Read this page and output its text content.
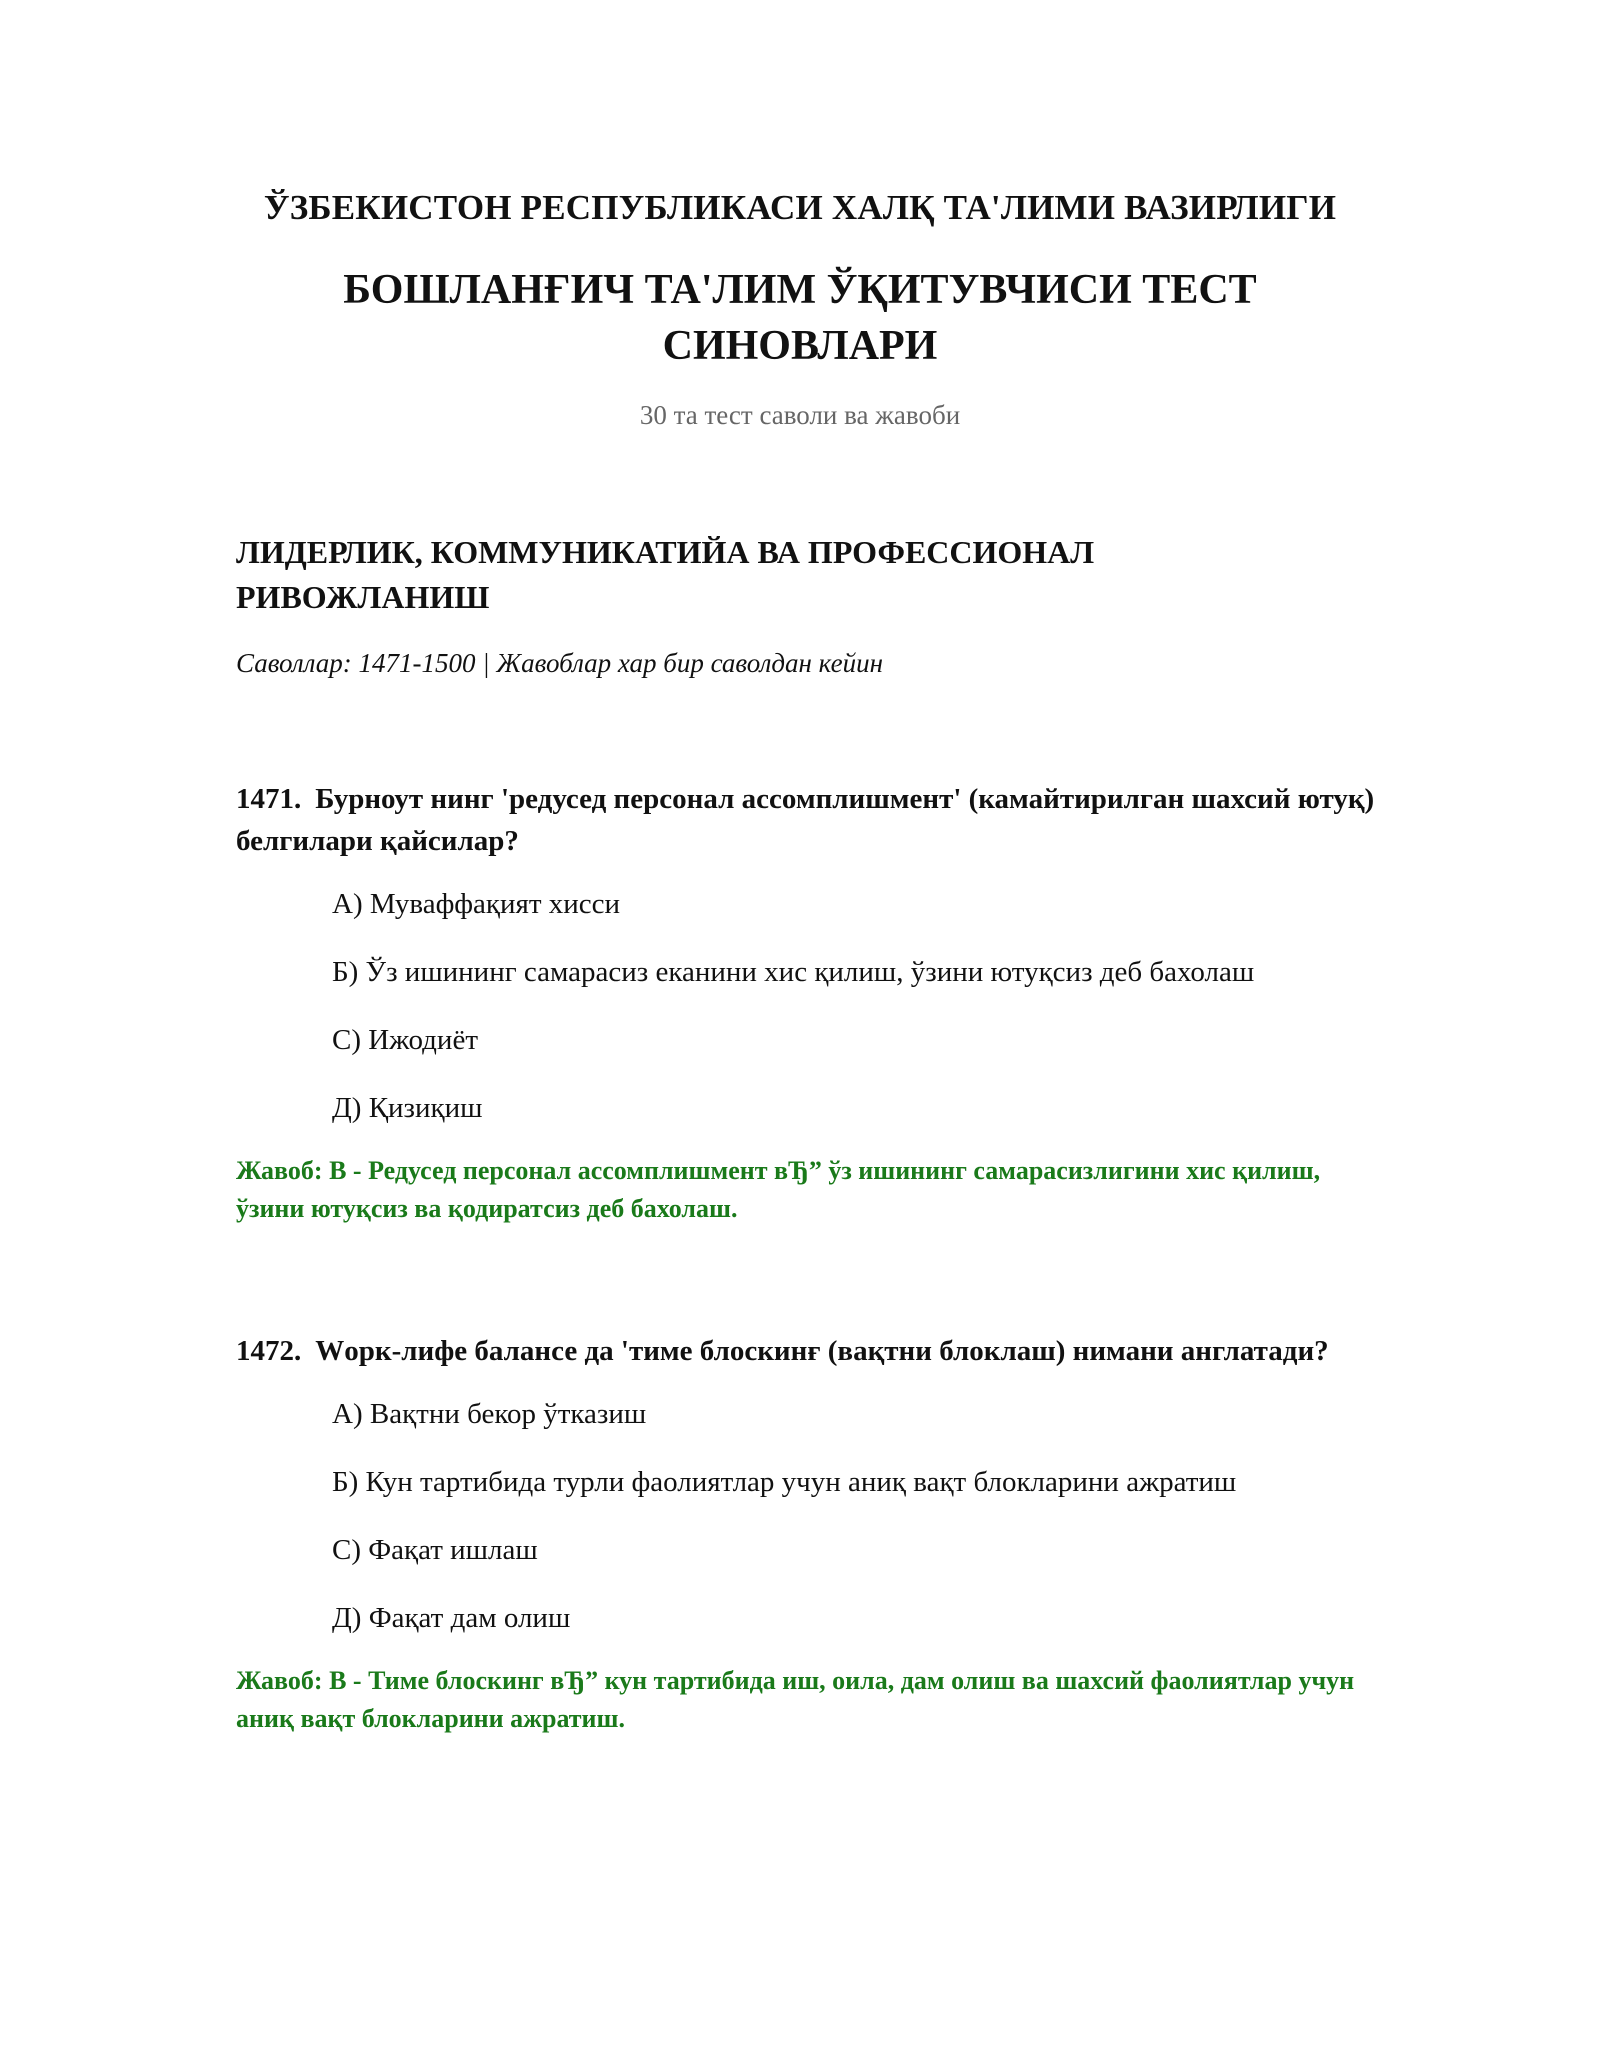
ЎЗБЕКИСТОН РЕСПУБЛИКАСИ ХАЛҚ ТА'ЛИМИ ВАЗИРЛИГИ
БОШЛАНҒИЧ ТА'ЛИМ ЎҚИТУВЧИСИ ТЕСТ
СИНОВЛАРИ
30 та тест саволи ва жавоби
ЛИДЕРЛИК, КОММУНИКАТИЙА ВА ПРОФЕССИОНАЛ
РИВОЖЛАНИШ
Саволлар: 1471-1500 | Жавоблар хар бир саволдан кейин

1471. Бурноут нинг 'редусед персонал ассомплишмент' (камайтирилган шахсий ютуқ) белгилари қайсилар?

А) Муваффақият хисси
Б) Ўз ишининг самарасиз еканини хис қилиш, ўзини ютуқсиз деб бахолаш
С) Ижодиёт
Д) Қизиқиш
Жавоб: B - Редусед персонал ассомплишмент вЂ” ўз ишининг самарасизлигини хис қилиш, ўзини ютуқсиз ва қодиратсиз деб бахолаш.

1472. Wорк-лифе балансе да 'тиме блоскинғ (вақтни блоклаш) нимани англатади?

А) Вақтни бекор ўтказиш
Б) Кун тартибида турли фаолиятлар учун аниқ вақт блокларини ажратиш
С) Фақат ишлаш
Д) Фақат дам олиш
Жавоб: B - Тиме блоскинг вЂ” кун тартибида иш, оила, дам олиш ва шахсий фаолиятлар учун аниқ вақт блокларини ажратиш.
